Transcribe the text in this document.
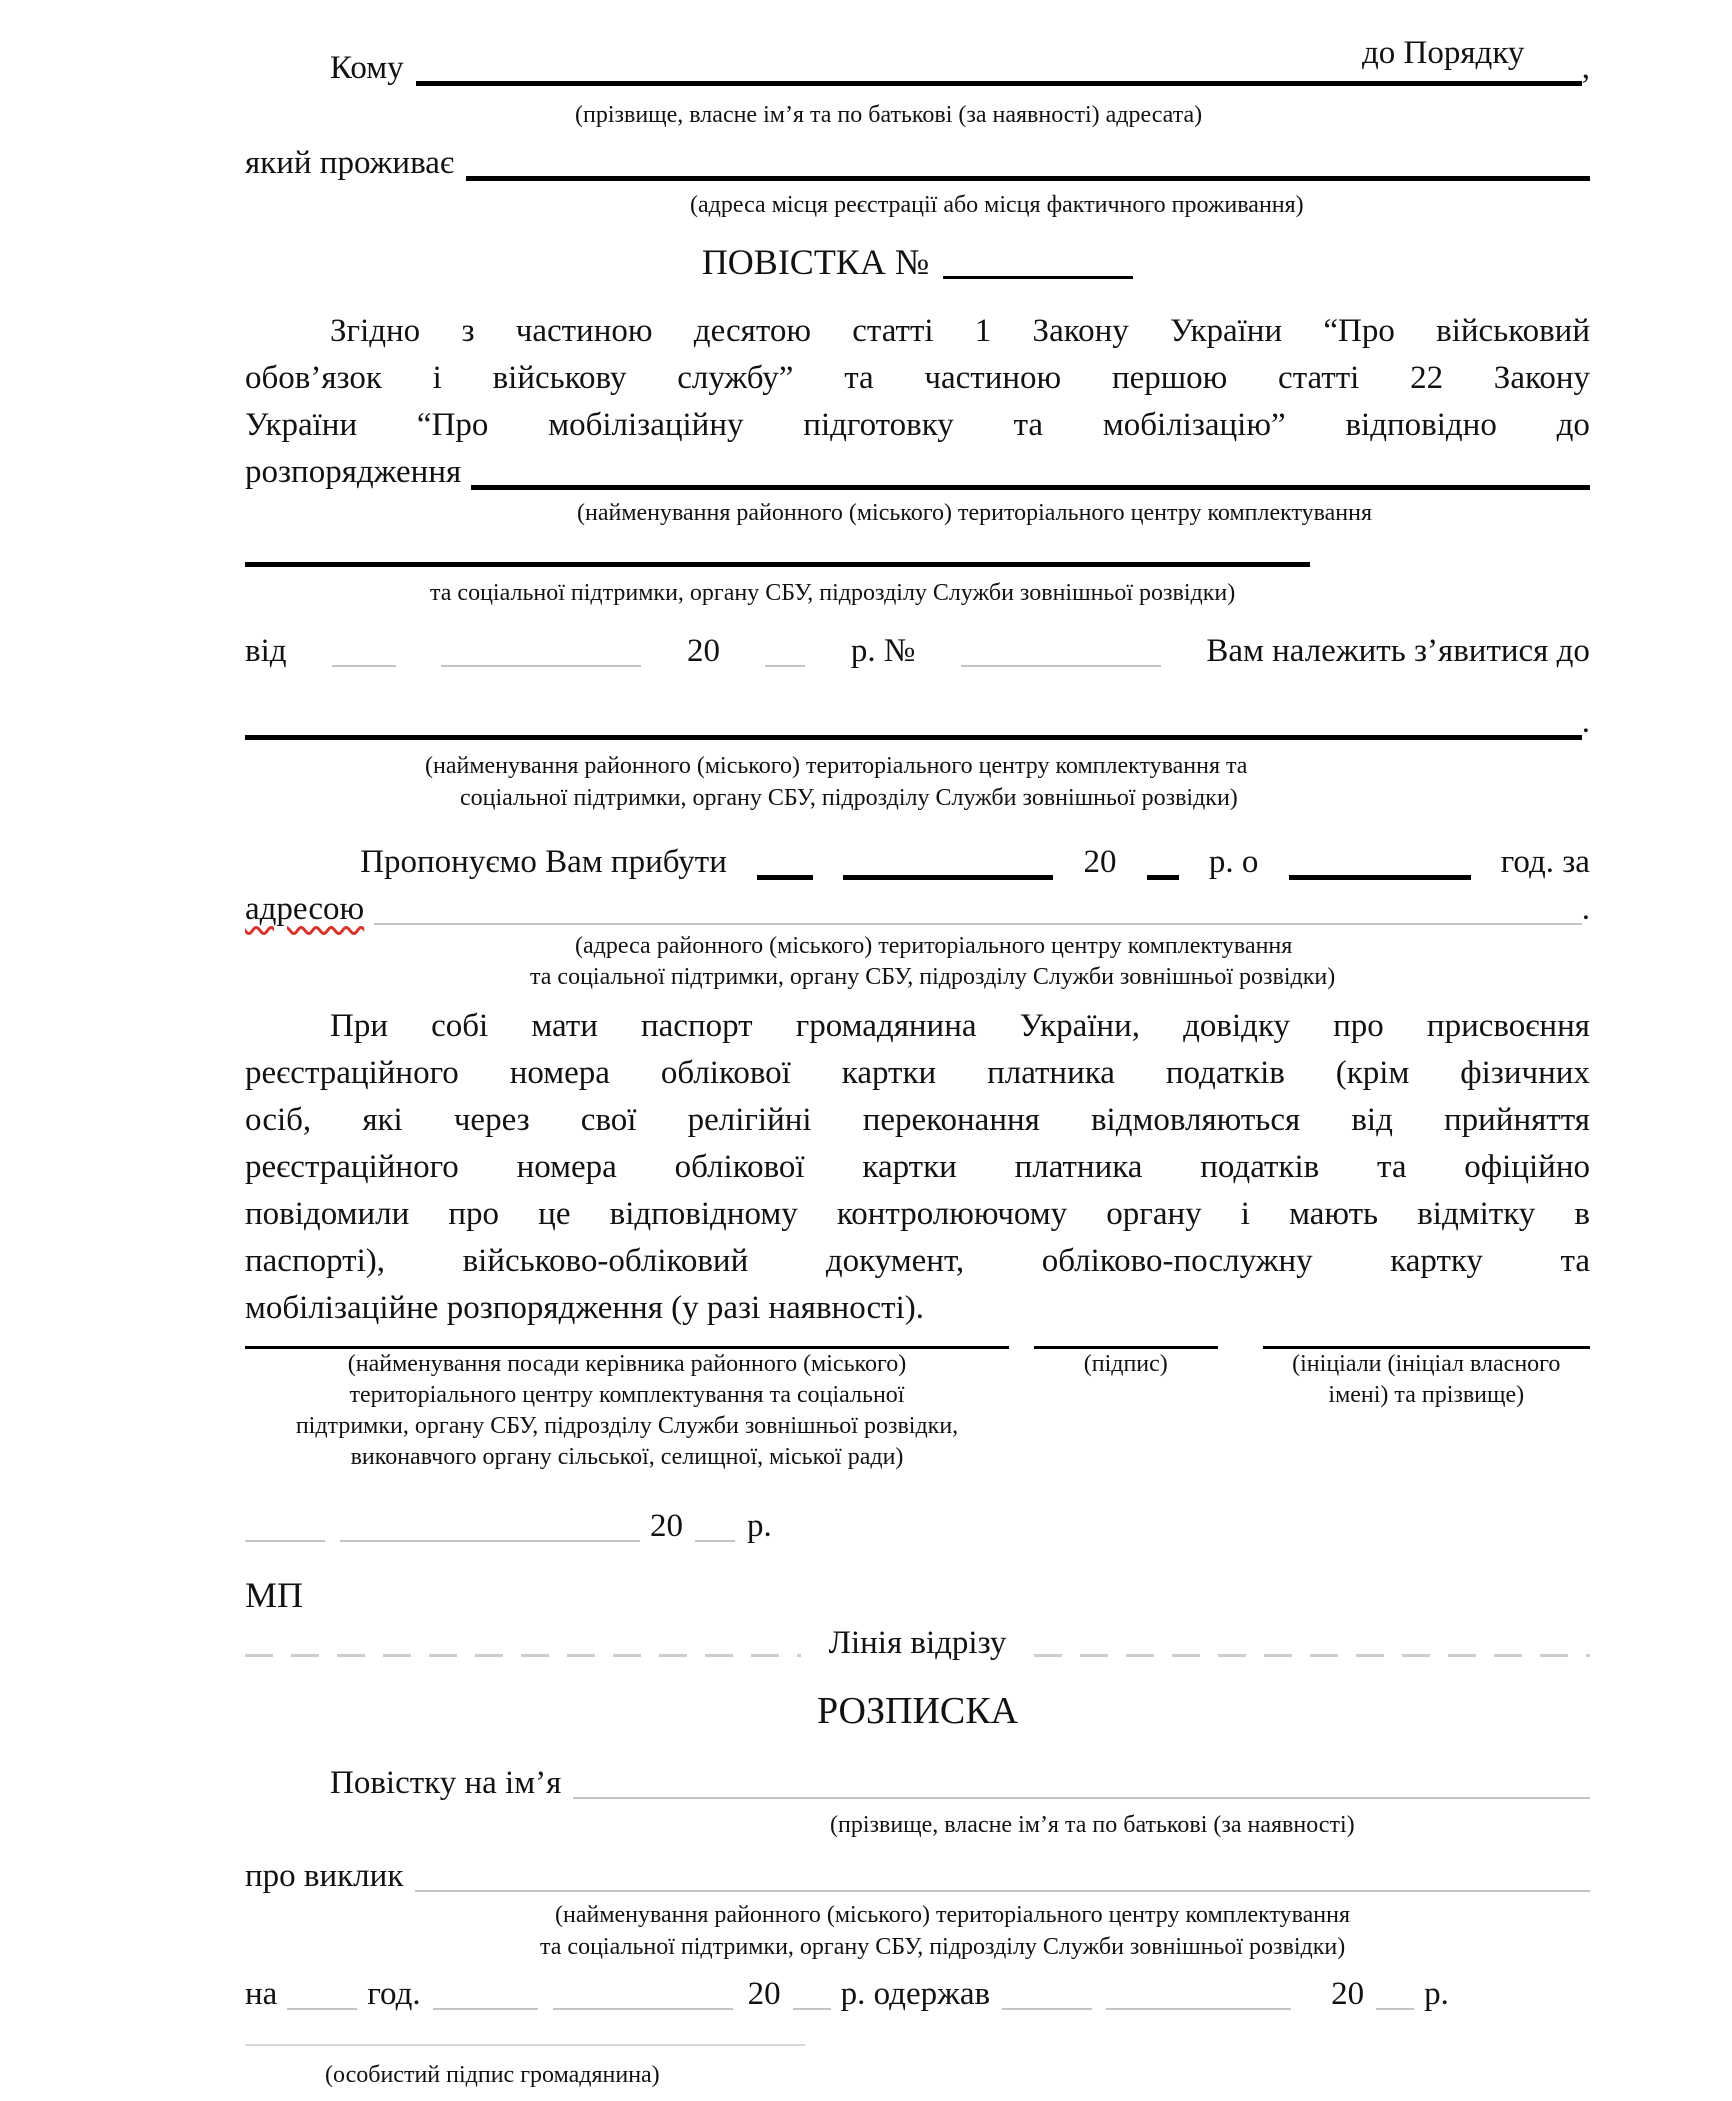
до Порядку
Кому	,
(прізвище, власне ім’я та по батькові (за наявності) адресата)
який проживає
(адреса місця реєстрації або місця фактичного проживання)
ПОВІСТКА №
Згідно з частиною десятою статті 1 Закону України “Про військовий
обов’язок і військову службу” та частиною першою статті 22 Закону
України “Про мобілізаційну підготовку та мобілізацію” відповідно до
розпорядження
(найменування районного (міського) територіального центру комплектування
та соціальної підтримки, органу СБУ, підрозділу Служби зовнішньої розвідки)
від	20	р. №	Вам належить з’явитися до
.
(найменування районного (міського) територіального центру комплектування та
соціальної підтримки, органу СБУ, підрозділу Служби зовнішньої розвідки)
Пропонуємо Вам прибути	20	р. о	год. за
адресою	.
(адреса районного (міського) територіального центру комплектування
та соціальної підтримки, органу СБУ, підрозділу Служби зовнішньої розвідки)
При собі мати паспорт громадянина України, довідку про присвоєння
реєстраційного номера облікової картки платника податків (крім фізичних
осіб, які через свої релігійні переконання відмовляються від прийняття
реєстраційного номера облікової картки платника податків та офіційно
повідомили про це відповідному контролюючому органу і мають відмітку в
паспорті), військово-обліковий документ, обліково-послужну картку та
мобілізаційне розпорядження (у разі наявності).
(найменування посади керівника районного (міського)
територіального центру комплектування та соціальної
підтримки, органу СБУ, підрозділу Служби зовнішньої розвідки,
виконавчого органу сільської, селищної, міської ради)
(підпис)	(ініціали (ініціал власного
імені) та прізвище)
20 р.
МП
Лінія відрізу
РОЗПИСКА
Повістку на ім’я
(прізвище, власне ім’я та по батькові (за наявності)
про виклик
(найменування районного (міського) територіального центру комплектування
та соціальної підтримки, органу СБУ, підрозділу Служби зовнішньої розвідки)
на	год.	20 р. одержав	20 р.
(особистий підпис громадянина)
